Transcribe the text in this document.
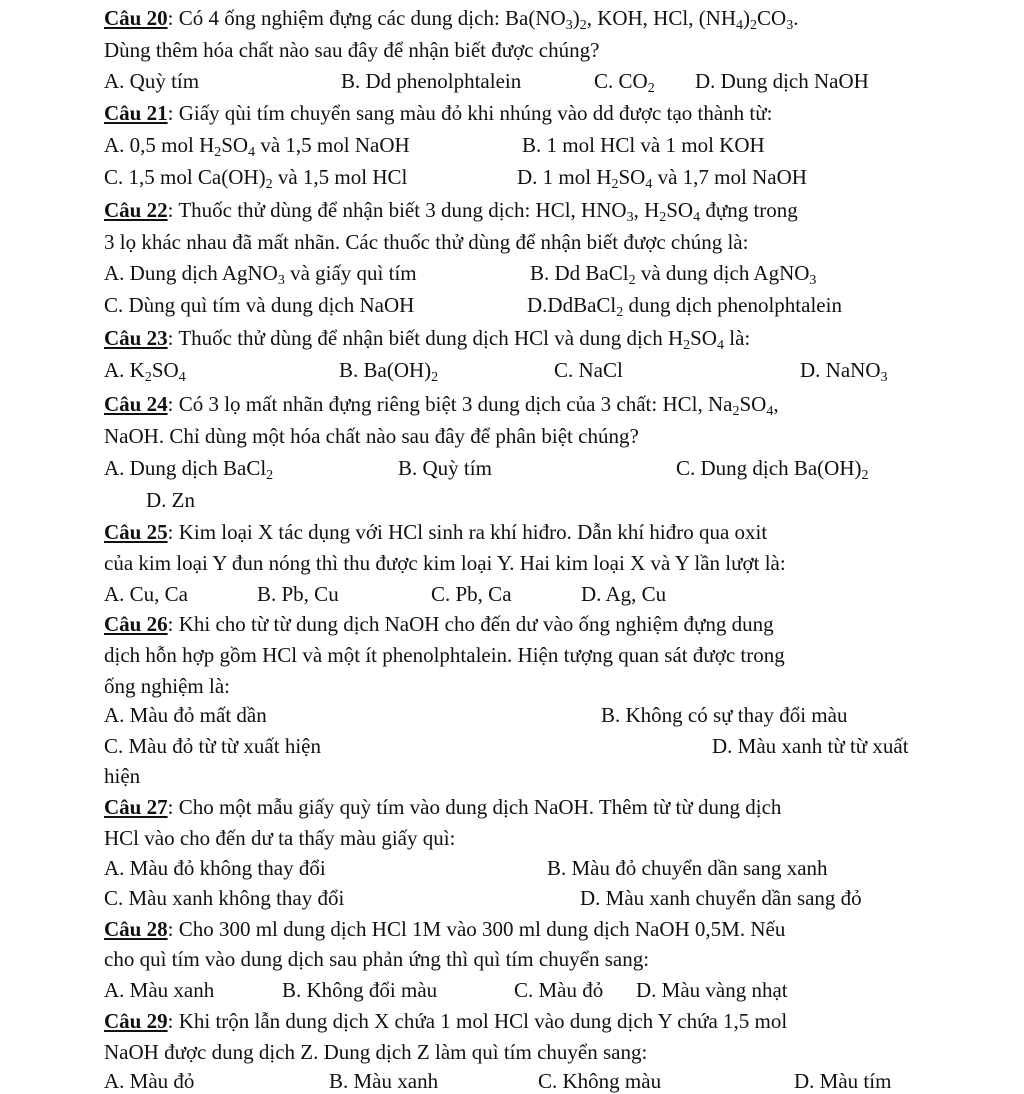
Câu 20: Có 4 ống nghiệm đựng các dung dịch: $Ba(NO_3)_2$, KOH, HCl, $(NH_4)_2CO_3$.
Dùng thêm hóa chất nào sau đây để nhận biết được chúng?
A. Quỳ tím	B. Dd phenolphtalein	C. $CO_2$ D. Dung dịch NaOH
Câu 21: Giấy qùi tím chuyển sang màu đỏ khi nhúng vào dd được tạo thành từ:
A. 0,5 mol $H_2SO_4$ và 1,5 mol NaOH	B. 1 mol HCl và 1 mol KOH
C. 1,5 mol $Ca(OH)_2$ và 1,5 mol HCl	D. 1 mol $H_2SO_4$ và 1,7 mol NaOH
Câu 22: Thuốc thử dùng để nhận biết 3 dung dịch: HCl, $HNO_3$, $H_2SO_4$ đựng trong
3 lọ khác nhau đã mất nhãn. Các thuốc thử dùng để nhận biết được chúng là:
A. Dung dịch AgNO$_3$ và giấy quì tím	B. Dd BaCl$_2$ và dung dịch AgNO$_3$
C. Dùng quì tím và dung dịch NaOH	D.DdBaCl$_2$ dung dịch phenolphtalein
Câu 23: Thuốc thử dùng để nhận biết dung dịch HCl và dung dịch $H_2SO_4$ là:
A. $K_2SO_4$	B. $Ba(OH)_2$	C. NaCl	D. NaNO$_3$
Câu 24: Có 3 lọ mất nhãn đựng riêng biệt 3 dung dịch của 3 chất: HCl, $Na_2SO_4$,
NaOH. Chỉ dùng một hóa chất nào sau đây để phân biệt chúng?
A. Dung dịch BaCl$_2$	B. Quỳ tím	C. Dung dịch $Ba(OH)_2$
D. Zn
Câu 25: Kim loại X tác dụng với HCl sinh ra khí hiđro. Dẫn khí hiđro qua oxit
của kim loại Y đun nóng thì thu được kim loại Y. Hai kim loại X và Y lần lượt là:
A. Cu, Ca	B. Pb, Cu	C. Pb, Ca	D. Ag, Cu
Câu 26: Khi cho từ từ dung dịch NaOH cho đến dư vào ống nghiệm đựng dung
dịch hỗn hợp gồm HCl và một ít phenolphtalein. Hiện tượng quan sát được trong
ống nghiệm là:
A. Màu đỏ mất dần	B. Không có sự thay đổi màu
C. Màu đỏ từ từ xuất hiện	D. Màu xanh từ từ xuất
hiện
Câu 27: Cho một mẫu giấy quỳ tím vào dung dịch NaOH. Thêm từ từ dung dịch
HCl vào cho đến dư ta thấy màu giấy quì:
A. Màu đỏ không thay đổi	B. Màu đỏ chuyển dần sang xanh
C. Màu xanh không thay đổi	D. Màu xanh chuyển dần sang đỏ
Câu 28: Cho 300 ml dung dịch HCl 1M vào 300 ml dung dịch NaOH 0,5M. Nếu
cho quì tím vào dung dịch sau phản ứng thì quì tím chuyển sang:
A. Màu xanh	B. Không đổi màu	C. Màu đỏ D. Màu vàng nhạt
Câu 29: Khi trộn lẫn dung dịch X chứa 1 mol HCl vào dung dịch Y chứa 1,5 mol
NaOH được dung dịch Z. Dung dịch Z làm quì tím chuyển sang:
A. Màu đỏ	B. Màu xanh	C. Không màu	D. Màu tím
